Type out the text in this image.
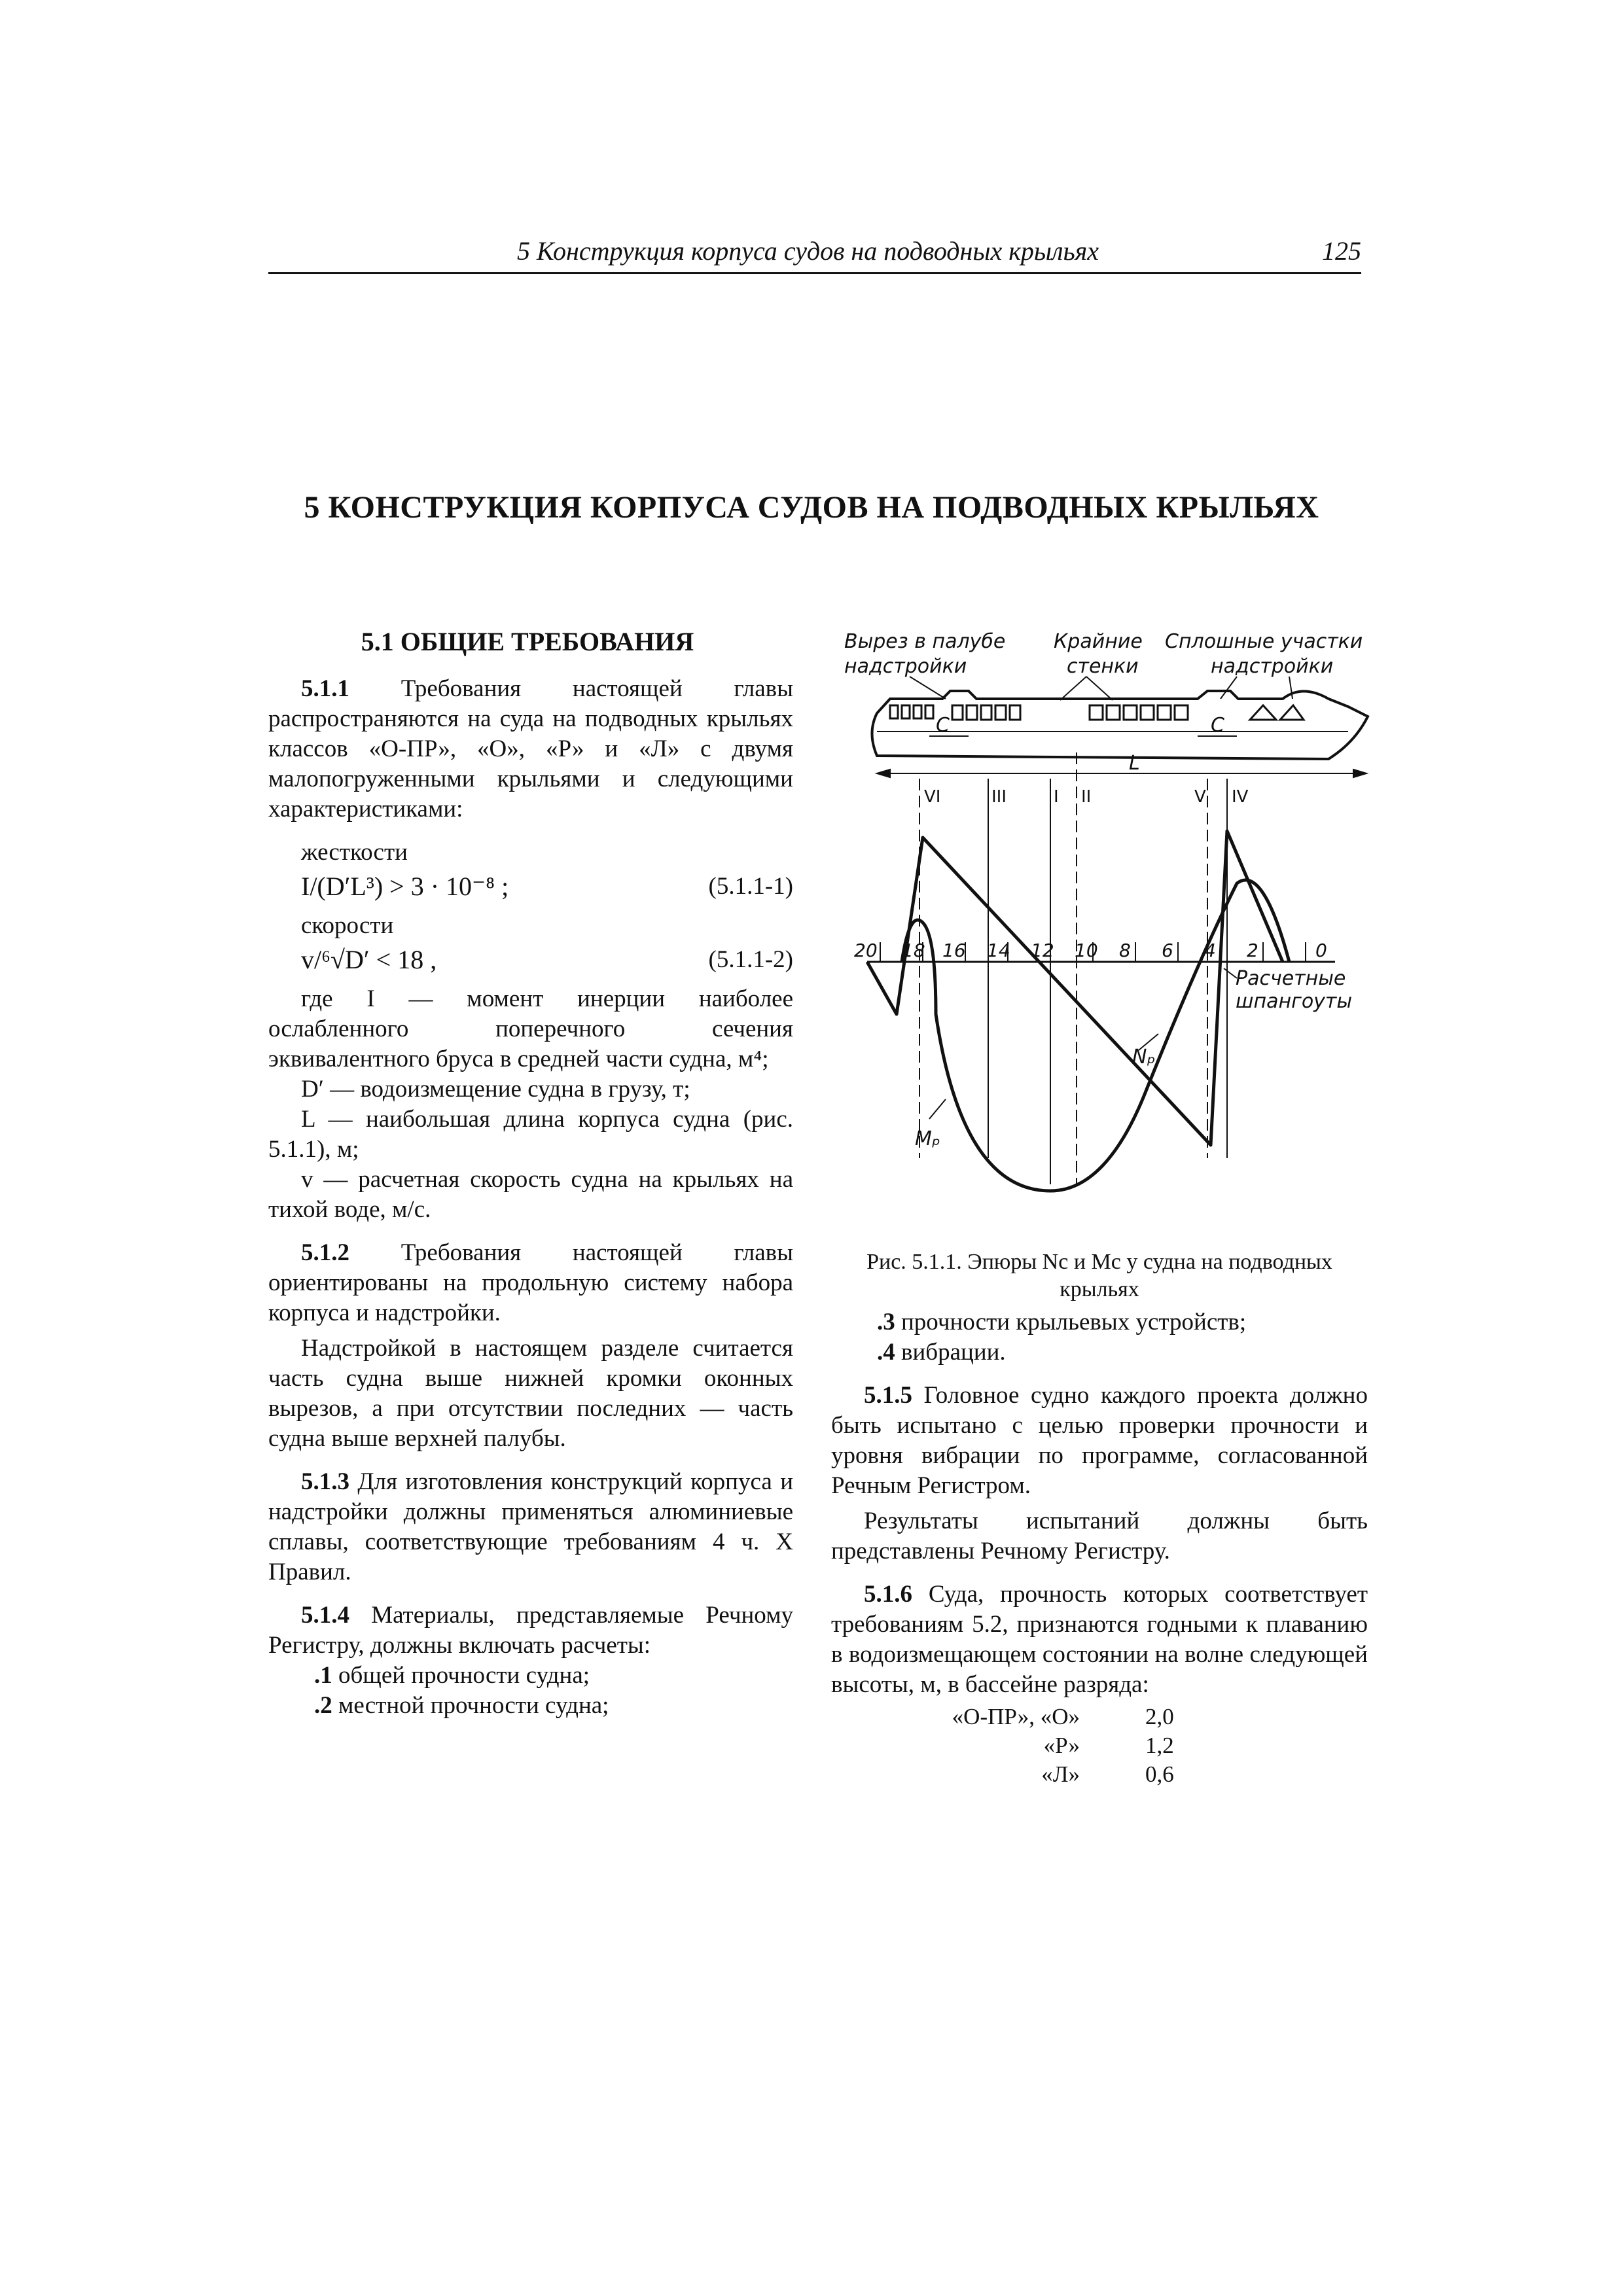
5 Конструкция корпуса судов на подводных крыльях	125
5 КОНСТРУКЦИЯ КОРПУСА СУДОВ НА ПОДВОДНЫХ КРЫЛЬЯХ
5.1 ОБЩИЕ ТРЕБОВАНИЯ

5.1.1 Требования настоящей главы распространяются на суда на подводных крыльях классов «О-ПР», «О», «Р» и «Л» с двумя малопогруженными крыльями и следующими характеристиками:

жесткости

I/(D′L³) > 3 · 10⁻⁸ ;	(5.1.1-1)

скорости

v/⁶√D′ < 18 ,	(5.1.1-2)

где I — момент инерции наиболее ослабленного поперечного сечения эквивалентного бруса в средней части судна, м⁴;

D′ — водоизмещение судна в грузу, т;

L — наибольшая длина корпуса судна (рис. 5.1.1), м;

v — расчетная скорость судна на крыльях на тихой воде, м/с.

5.1.2 Требования настоящей главы ориентированы на продольную систему набора корпуса и надстройки.

Надстройкой в настоящем разделе считается часть судна выше нижней кромки оконных вырезов, а при отсутствии последних — часть судна выше верхней палубы.

5.1.3 Для изготовления конструкций корпуса и надстройки должны применяться алюминиевые сплавы, соответствующие требованиям 4 ч. X Правил.

5.1.4 Материалы, представляемые Речному Регистру, должны включать расчеты:

.1 общей прочности судна;

.2 местной прочности судна;

Вырез в палубе
надстройки
Крайние
стенки
Сплошные участки
надстройки
C	C
L
VI	III	I II	V IV
20 18 16 14 12 10 8 6 4 2	0
Расчетные
шпангоуты
Nₚ
Mₚ
Рис. 5.1.1. Эпюры Nc и Mc у судна на подводных крыльях

.3 прочности крыльевых устройств;

.4 вибрации.

5.1.5 Головное судно каждого проекта должно быть испытано с целью проверки прочности и уровня вибрации по программе, согласованной Речным Регистром.

Результаты испытаний должны быть представлены Речному Регистру.

5.1.6 Суда, прочность которых соответствует требованиям 5.2, признаются годными к плаванию в водоизмещающем состоянии на волне следующей высоты, м, в бассейне разряда:

«О-ПР», «О»	2,0
«Р»	1,2
«Л»	0,6
